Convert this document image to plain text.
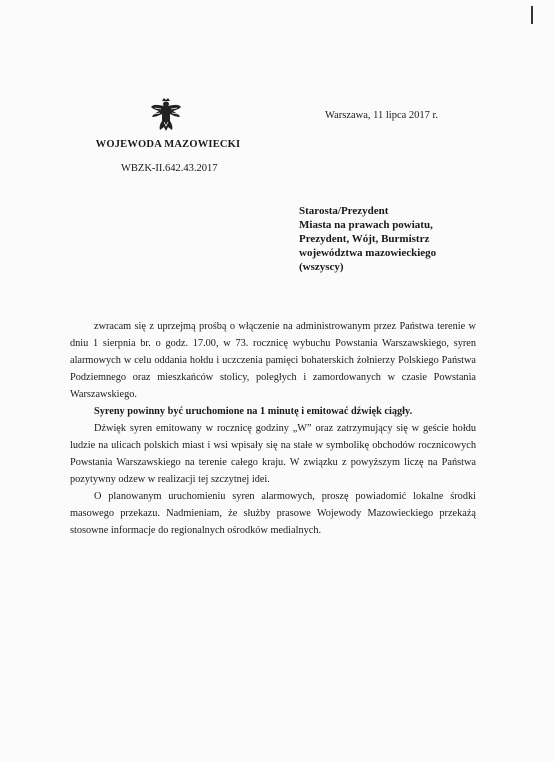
WOJEWODA MAZOWIECKI
WBZK-II.642.43.2017
Warszawa, 11 lipca 2017 r.
Starosta/Prezydent
Miasta na prawach powiatu,
Prezydent, Wójt, Burmistrz
województwa mazowieckiego
(wszyscy)

zwracam się z uprzejmą prośbą o włączenie na administrowanym przez Państwa terenie w dniu 1 sierpnia br. o godz. 17.00, w 73. rocznicę wybuchu Powstania Warszawskiego, syren alarmowych w celu oddania hołdu i uczczenia pamięci bohaterskich żołnierzy Polskiego Państwa Podziemnego oraz mieszkańców stolicy, poległych i zamordowanych w czasie Powstania Warszawskiego.

Syreny powinny być uruchomione na 1 minutę i emitować dźwięk ciągły.

Dźwięk syren emitowany w rocznicę godziny „W” oraz zatrzymujący się w geście hołdu ludzie na ulicach polskich miast i wsi wpisały się na stałe w symbolikę obchodów rocznicowych Powstania Warszawskiego na terenie całego kraju. W związku z powyższym liczę na Państwa pozytywny odzew w realizacji tej szczytnej idei.

O planowanym uruchomieniu syren alarmowych, proszę powiadomić lokalne środki masowego przekazu. Nadmieniam, że służby prasowe Wojewody Mazowieckiego przekażą stosowne informacje do regionalnych ośrodków medialnych.
